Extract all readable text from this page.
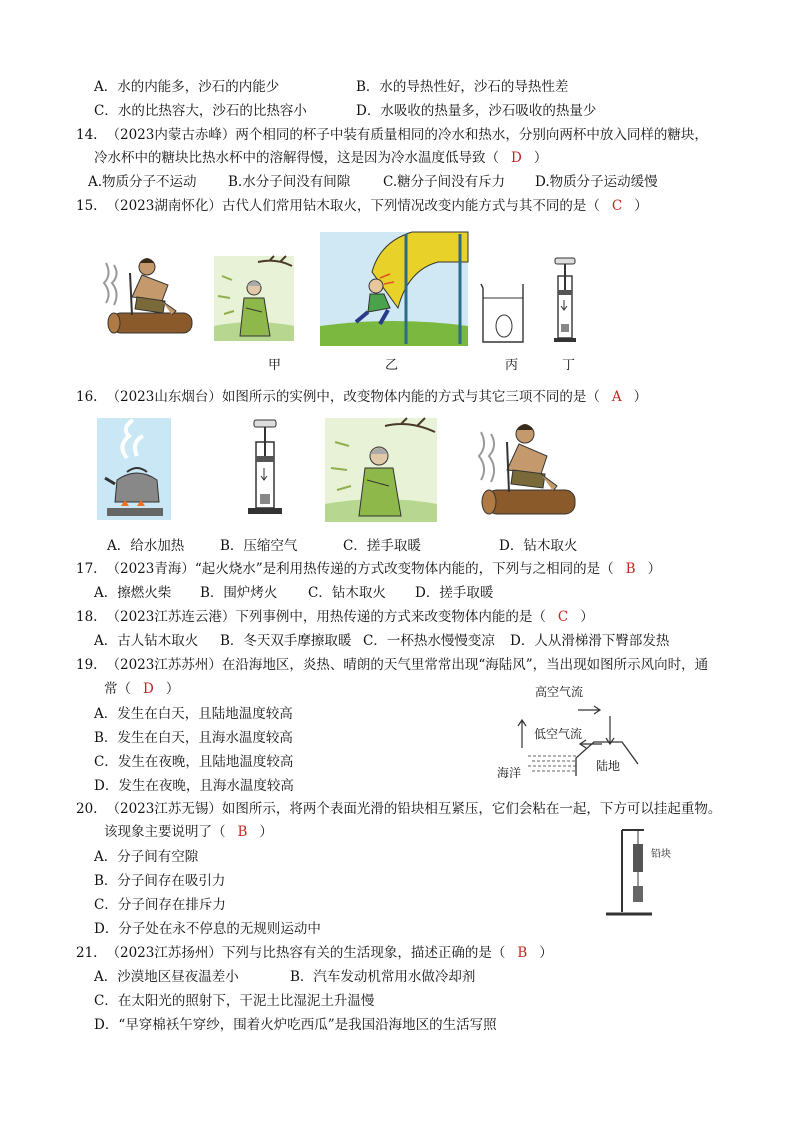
A．水的内能多，沙石的内能少	B．水的导热性好，沙石的导热性差
C．水的比热容大，沙石的比热容小	D．水吸收的热量多，沙石吸收的热量少
14. （2023内蒙古赤峰）两个相同的杯子中装有质量相同的冷水和热水，分别向两杯中放入同样的糖块，
冷水杯中的糖块比热水杯中的溶解得慢，这是因为冷水温度低导致（ D ）
A.物质分子不运动 B.水分子间没有间隙 C.糖分子间没有斥力 D.物质分子运动缓慢
15. （2023湖南怀化）古代人们常用钻木取火，下列情况改变内能方式与其不同的是（ C ）
甲	乙	丙	丁
16. （2023山东烟台）如图所示的实例中，改变物体内能的方式与其它三项不同的是（ A ）
A．给水加热	B．压缩空气	C．搓手取暖	D．钻木取火
17. （2023青海）“起火烧水”是利用热传递的方式改变物体内能的，下列与之相同的是（ B ）
A．擦燃火柴 B．围炉烤火 C．钻木取火 D．搓手取暖
18. （2023江苏连云港）下列事例中，用热传递的方式来改变物体内能的是（ C ）
A．古人钻木取火 B．冬天双手摩擦取暖 C．一杯热水慢慢变凉 D．人从滑梯滑下臀部发热
19. （2023江苏苏州）在沿海地区，炎热、晴朗的天气里常常出现“海陆风”，当出现如图所示风向时，通
常（ D ）
A．发生在白天，且陆地温度较高
B．发生在白天，且海水温度较高
C．发生在夜晚，且陆地温度较高
D．发生在夜晚，且海水温度较高
高空气流
低空气流
海洋	陆地
20. （2023江苏无锡）如图所示，将两个表面光滑的铅块相互紧压，它们会粘在一起，下方可以挂起重物。
该现象主要说明了（ B ）
A．分子间有空隙
B．分子间存在吸引力
C．分子间存在排斥力
D．分子处在永不停息的无规则运动中
铅块
21. （2023江苏扬州）下列与比热容有关的生活现象，描述正确的是（ B ）
A．沙漠地区昼夜温差小	B．汽车发动机常用水做冷却剂
C．在太阳光的照射下，干泥土比湿泥土升温慢
D．“早穿棉袄午穿纱，围着火炉吃西瓜”是我国沿海地区的生活写照
